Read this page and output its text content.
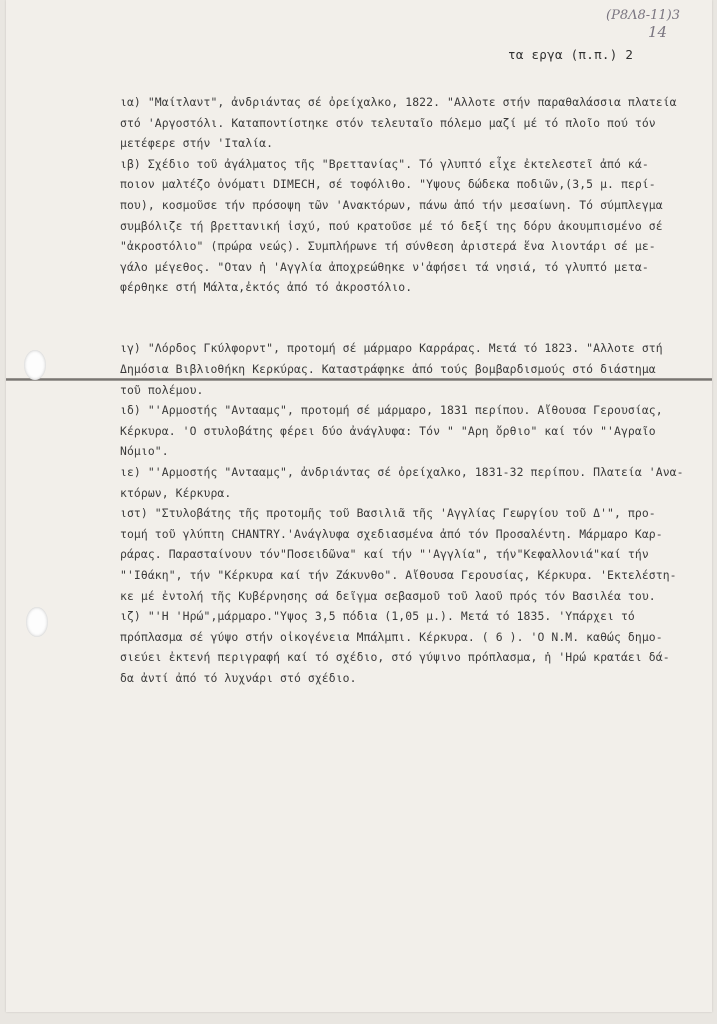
(Ρ8Λ8-11)3
14
τα εργα (π.π.) 2
ια) "Μαίτλαντ", ἀνδριάντας σέ ὀρείχαλκο, 1822. "Αλλοτε στήν παραθαλάσσια πλατεία
στό 'Αργοστόλι. Καταποντίστηκε στόν τελευταῖο πόλεμο μαζί μέ τό πλοῖο πού τόν
μετέφερε στήν 'Ιταλία.
ιβ) Σχέδιο τοῦ ἀγάλματος τῆς "Βρεττανίας". Τό γλυπτό εἶχε ἐκτελεστεῖ ἀπό κά-
ποιον μαλτέζο ὀνόματι DIMECH, σέ τοφόλιθο. "Υψους δώδεκα ποδιῶν,(3,5 μ. περί-
που), κοσμοῦσε τήν πρόσοψη τῶν 'Ανακτόρων, πάνω ἀπό τήν μεσαίωνη. Τό σύμπλεγμα
συμβόλιζε τή βρεττανική ἰσχύ, πού κρατοῦσε μέ τό δεξί της δόρυ ἀκουμπισμένο σέ
"ἀκροστόλιο" (πρώρα νεώς). Συμπλήρωνε τή σύνθεση ἀριστερά ἕνα λιοντάρι σέ με-
γάλο μέγεθος. "Οταν ἡ 'Αγγλία ἀποχρεώθηκε ν'ἀφήσει τά νησιά, τό γλυπτό μετα-
φέρθηκε στή Μάλτα,ἐκτός ἀπό τό ἀκροστόλιο.
ιγ) "Λόρδος Γκύλφορντ", προτομή σέ μάρμαρο Καρράρας. Μετά τό 1823. "Αλλοτε στή
Δημόσια Βιβλιοθήκη Κερκύρας. Καταστράφηκε ἀπό τούς βομβαρδισμούς στό διάστημα
τοῦ πολέμου.
ιδ) "'Αρμοστής "Αντααμς", προτομή σέ μάρμαρο, 1831 περίπου. Αἴθουσα Γερουσίας,
Κέρκυρα. 'Ο στυλοβάτης φέρει δύο ἀνάγλυφα: Τόν " "Αρη ὄρθιο" καί τόν "'Αγραῖο
Νόμιο".
ιε) "'Αρμοστής "Αντααμς", ἀνδριάντας σέ ὀρείχαλκο, 1831-32 περίπου. Πλατεία 'Ανα-
κτόρων, Κέρκυρα.
ιστ) "Στυλοβάτης τῆς προτομῆς τοῦ Βασιλιᾶ τῆς 'Αγγλίας Γεωργίου τοῦ Δ'", προ-
τομή τοῦ γλύπτη CHANTRY.'Ανάγλυφα σχεδιασμένα ἀπό τόν Προσαλέντη. Μάρμαρο Καρ-
ράρας. Παρασταίνουν τόν"Ποσειδῶνα" καί τήν "'Αγγλία", τήν"Κεφαλλονιά"καί τήν
"'Ιθάκη", τήν "Κέρκυρα καί τήν Ζάκυνθο". Αἴθουσα Γερουσίας, Κέρκυρα. 'Εκτελέστη-
κε μέ ἐντολή τῆς Κυβέρνησης σά δεῖγμα σεβασμοῦ τοῦ λαοῦ πρός τόν Βασιλέα του.
ιζ) "'Η 'Ηρώ",μάρμαρο."Υψος 3,5 πόδια (1,05 μ.). Μετά τό 1835. 'Υπάρχει τό
πρόπλασμα σέ γύψο στήν οἰκογένεια Μπάλμπι. Κέρκυρα. ( 6 ). 'Ο Ν.Μ. καθώς δημο-
σιεύει ἐκτενή περιγραφή καί τό σχέδιο, στό γύψινο πρόπλασμα, ἡ 'Ηρώ κρατάει δά-
δα ἀντί ἀπό τό λυχνάρι στό σχέδιο.
